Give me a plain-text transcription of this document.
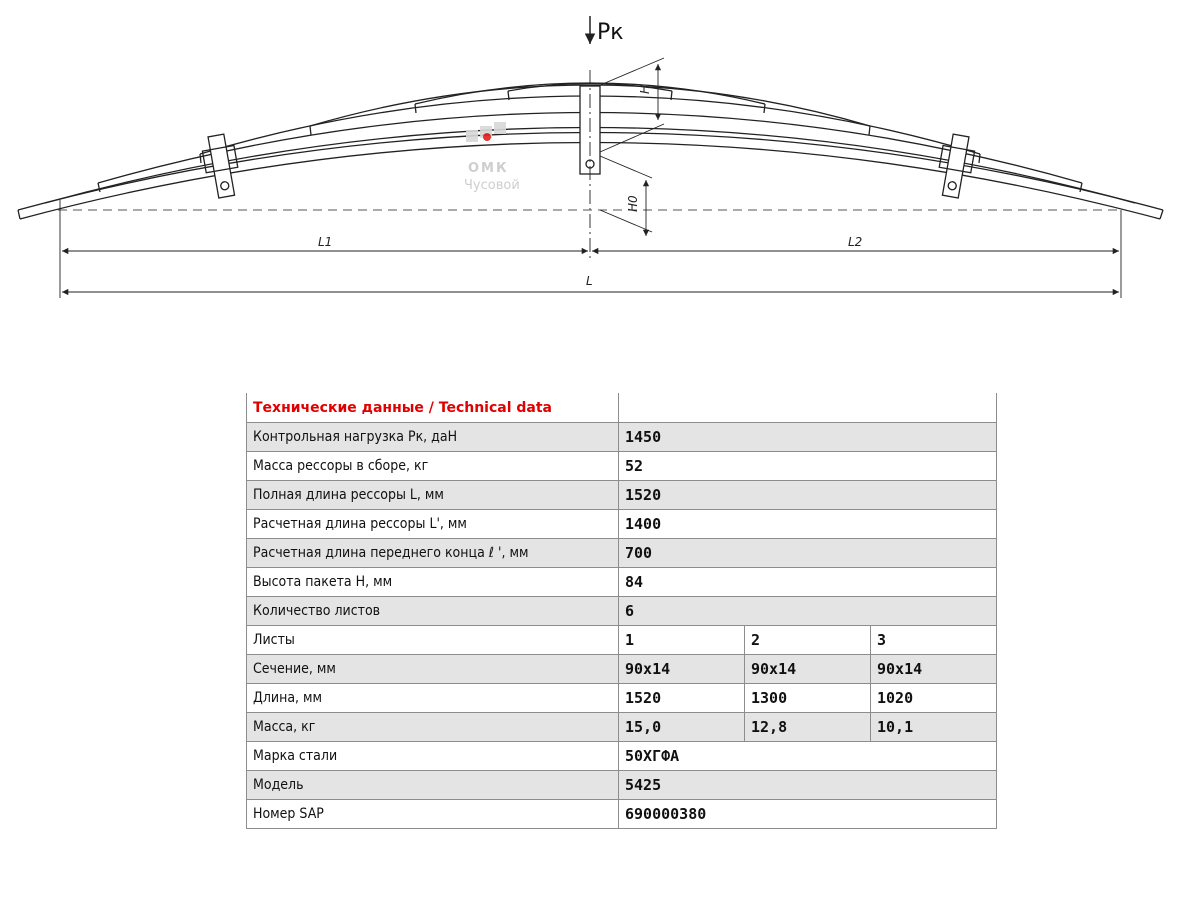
Pк
H
H0
L1	L2
L
ОМК
Чусовой
Технические данные / Technical data			
Контрольная нагрузка Pк, даН	1450		
Масса рессоры в сборе, кг	52		
Полная длина рессоры L, мм	1520		
Расчетная длина рессоры L', мм	1400		
Расчетная длина переднего конца ℓ ', мм	700		
Высота пакета H, мм	84		
Количество листов	6		
Листы	1	2	3
Сечение, мм	90x14	90x14	90x14
Длина, мм	1520	1300	1020
Масса, кг	15,0	12,8	10,1
Марка стали	50ХГФА		
Модель	5425		
Номер SAP	690000380		
